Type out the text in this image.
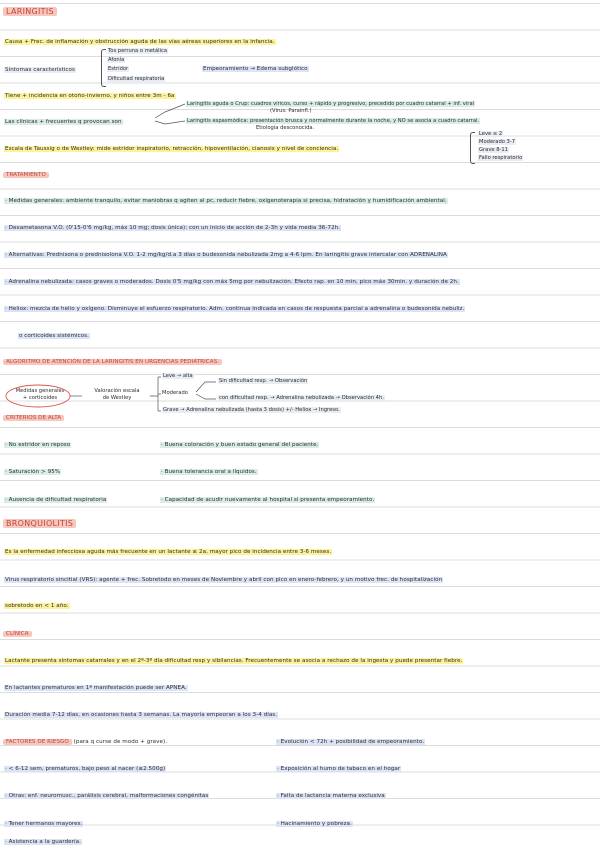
LARINGITIS
Causa + Frec. de inflamación y obstrucción aguda de las vías aéreas superiores en la infancia.
Síntomas característicos
Tos perruna o metálica
Afonía
Estridor
Dificultad respiratoria
Empeoramiento → Edema subglótico
Tiene + incidencia en otoño-invierno, y niños entre 3m - 6a
Las clínicas + frecuentes q provocan son
Laringitis aguda o Crup: cuadros víricos, curso + rápido y progresivo, precedido por cuadro catarral + inf. viral
(Virus: Parainfl.)
Laringitis espasmódica: presentación brusca y normalmente durante la noche, y NO se asocia a cuadro catarral.
Etiología desconocida.
Escala de Taussig o de Westley: mide estridor inspiratorio, retracción, hipoventilación, cianosis y nivel de conciencia.
Leve ≤ 2
Moderado 3-7
Grave 8-11
Fallo respiratorio
TRATAMIENTO
· Medidas generales: ambiente tranquilo, evitar maniobras q agiten al pc, reducir fiebre, oxigenoterapia si precisa, hidratación y humidificación ambiental.
· Dexametasona V.O. (0'15-0'6 mg/kg, máx 10 mg; dosis única): con un inicio de acción de 2-3h y vida media 36-72h.
· Alternativas: Prednisona o prednisolona V.O. 1-2 mg/kg/d.a 3 días o budesonida nebulizada 2mg a 4-6 lpm. En laringitis grave intercalar con ADRENALINA
· Adrenalina nebulizada: casos graves o moderados. Dosis 0'5 mg/kg con máx 5mg por nebulización. Efecto rap. en 10 min, pico máx 30min. y duración de 2h.
· Heliox: mezcla de helio y oxígeno. Disminuye el esfuerzo respiratorio. Adm. continua indicada en casos de respuesta parcial a adrenalina o budesonida nebuliz.
o corticoides sistémicos.
ALGORITMO DE ATENCIÓN DE LA LARINGITIS EN URGENCIAS PEDIÁTRICAS.
Medidas generales
+ corticoides
Valoración escala
de Westley
Leve → alta
Moderado
Sin dificultad resp. → Observación
con dificultad resp. → Adrenalina nebulizada → Observación 4h.
Grave → Adrenalina nebulizada (hasta 3 dosis) +/- Heliox → Ingreso.
CRITERIOS DE ALTA
· No estridor en reposo
· Saturación > 95%
· Ausencia de dificultad respiratoria
· Buena coloración y buen estado general del paciente.
· Buena tolerancia oral a líquidos.
· Capacidad de acudir nuevamente al hospital si presenta empeoramiento.
BRONQUIOLITIS
Es la enfermedad infecciosa aguda más frecuente en un lactante ≤ 2a, mayor pico de incidencia entre 3-6 meses.
Virus respiratorio sincitial (VRS): agente + frec. Sobretodo en meses de Noviembre y abril con pico en enero-febrero, y un motivo frec. de hospitalización
sobretodo en < 1 año.
CLÍNICA
Lactante presenta síntomas catarrales y en el 2º-3º día dificultad resp y sibilancias. Frecuentemente se asocia a rechazo de la ingesta y puede presentar fiebre.
En lactantes prematuros en 1ª manifestación puede ser APNEA.
Duración media 7-12 días, en ocasiones hasta 3 semanas. La mayoría empeoran a los 3-4 días.
FACTORES DE RIESGO (para q curse de modo + grave).
· < 6-12 sem, prematuros, bajo peso al nacer (≤2.500g)
· Otras: enf. neuromusc., parálisis cerebral, malformaciones congénitas
· Tener hermanos mayores.
· Asistencia a la guardería.
· Evolución < 72h + posibilidad de empeoramiento.
· Exposición al humo de tabaco en el hogar
· Falta de lactancia materna exclusiva
· Hacinamiento y pobreza.
